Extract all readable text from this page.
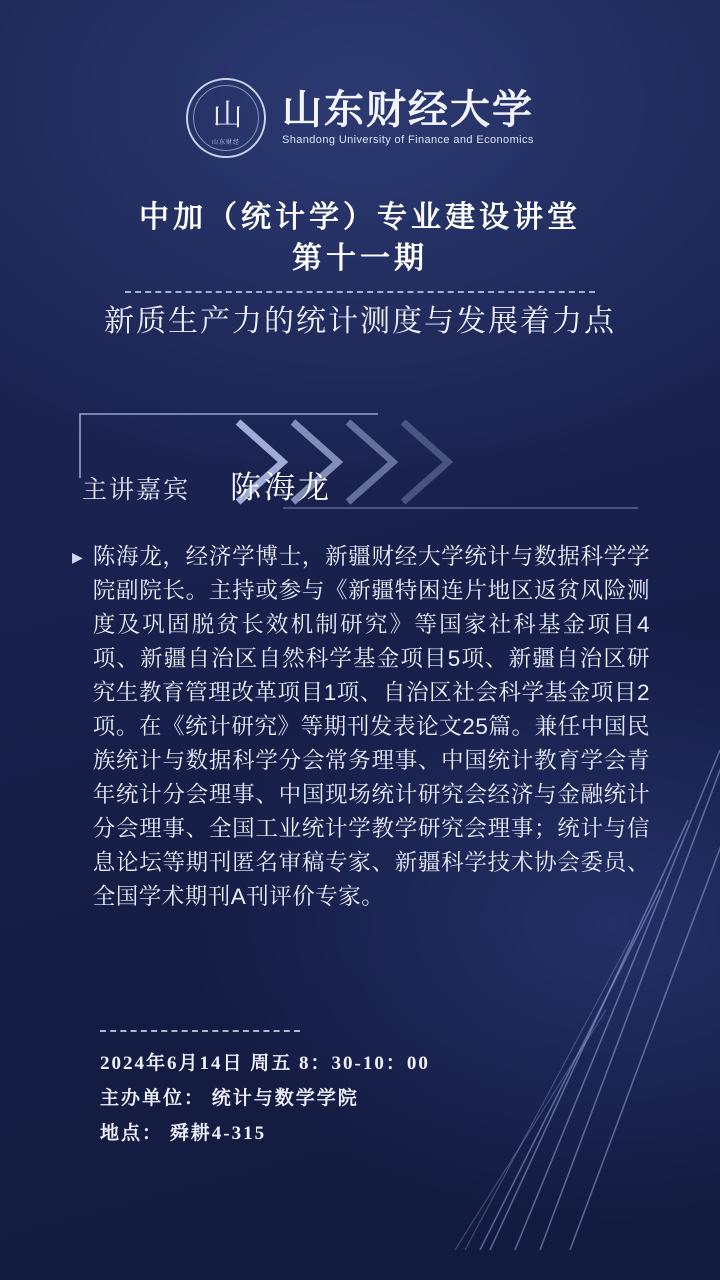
山
山东财经
山东财经大学
Shandong University of Finance and Economics
中加（统计学）专业建设讲堂
第十一期
新质生产力的统计测度与发展着力点
主讲嘉宾 陈海龙
▶ 陈海龙，经济学博士，新疆财经大学统计与数据科学学院副院长。主持或参与《新疆特困连片地区返贫风险测度及巩固脱贫长效机制研究》等国家社科基金项目4项、新疆自治区自然科学基金项目5项、新疆自治区研究生教育管理改革项目1项、自治区社会科学基金项目2项。在《统计研究》等期刊发表论文25篇。兼任中国民族统计与数据科学分会常务理事、中国统计教育学会青年统计分会理事、中国现场统计研究会经济与金融统计分会理事、全国工业统计学教学研究会理事；统计与信息论坛等期刊匿名审稿专家、新疆科学技术协会委员、全国学术期刊A刊评价专家。
2024年6月14日 周五 8：30-10：00
主办单位： 统计与数学学院
地点： 舜耕4-315
